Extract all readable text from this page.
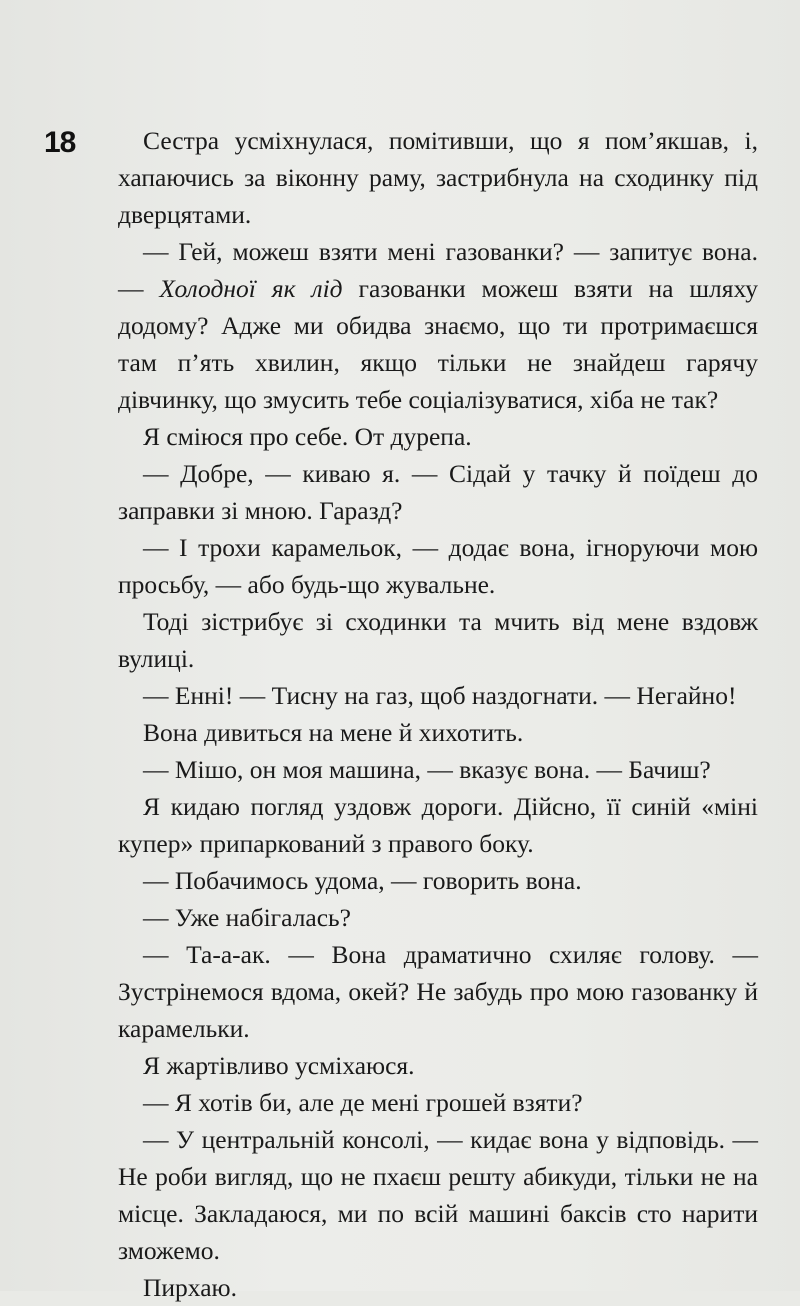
18	Сестра усміхнулася, помітивши, що я пом’якшав, і, хапаючись за віконну раму, застрибнула на сходинку під дверцятами.

— Гей, можеш взяти мені газованки? — запитує вона. — Холодної як лід газованки можеш взяти на шляху додому? Адже ми обидва знаємо, що ти протримаєшся там п’ять хвилин, якщо тільки не знайдеш гарячу дівчинку, що змусить тебе соціалізуватися, хіба не так?

Я сміюся про себе. От дурепа.

— Добре, — киваю я. — Сідай у тачку й поїдеш до заправки зі мною. Гаразд?

— І трохи карамельок, — додає вона, ігноруючи мою просьбу, — або будь-що жувальне.

Тоді зістрибує зі сходинки та мчить від мене вздовж вулиці.

— Енні! — Тисну на газ, щоб наздогнати. — Негайно!

Вона дивиться на мене й хихотить.

— Мішо, он моя машина, — вказує вона. — Бачиш?

Я кидаю погляд уздовж дороги. Дійсно, її синій «міні купер» припаркований з правого боку.

— Побачимось удома, — говорить вона.

— Уже набігалась?

— Та-а-ак. — Вона драматично схиляє голову. — Зустрінемося вдома, окей? Не забудь про мою газованку й карамельки.

Я жартівливо усміхаюся.

— Я хотів би, але де мені грошей взяти?

— У центральній консолі, — кидає вона у відповідь. — Не роби вигляд, що не пхаєш решту абикуди, тільки не на місце. Закладаюся, ми по всій машині баксів сто нарити зможемо.

Пирхаю.
